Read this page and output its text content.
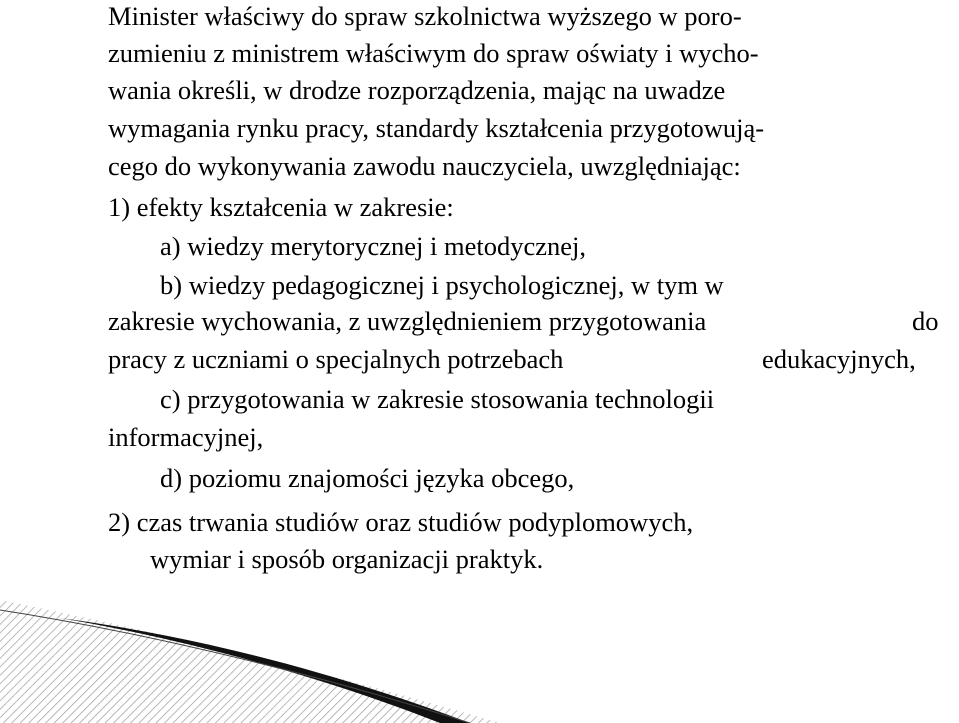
Minister właściwy do spraw szkolnictwa wyższego w poro-

zumieniu z ministrem właściwym do spraw oświaty i wycho-

wania określi, w drodze rozporządzenia, mając na uwadze

wymagania rynku pracy, standardy kształcenia przygotowują-

cego do wykonywania zawodu nauczyciela, uwzględniając:

1) efekty kształcenia w zakresie:

a) wiedzy merytorycznej i metodycznej,

b) wiedzy pedagogicznej i psychologicznej, w tym w

zakresie wychowania, z uwzględnieniem przygotowania	do

pracy z uczniami o specjalnych potrzebach	edukacyjnych,

c) przygotowania w zakresie stosowania technologii

informacyjnej,

d) poziomu znajomości języka obcego,

2) czas trwania studiów oraz studiów podyplomowych,

wymiar i sposób organizacji praktyk.
